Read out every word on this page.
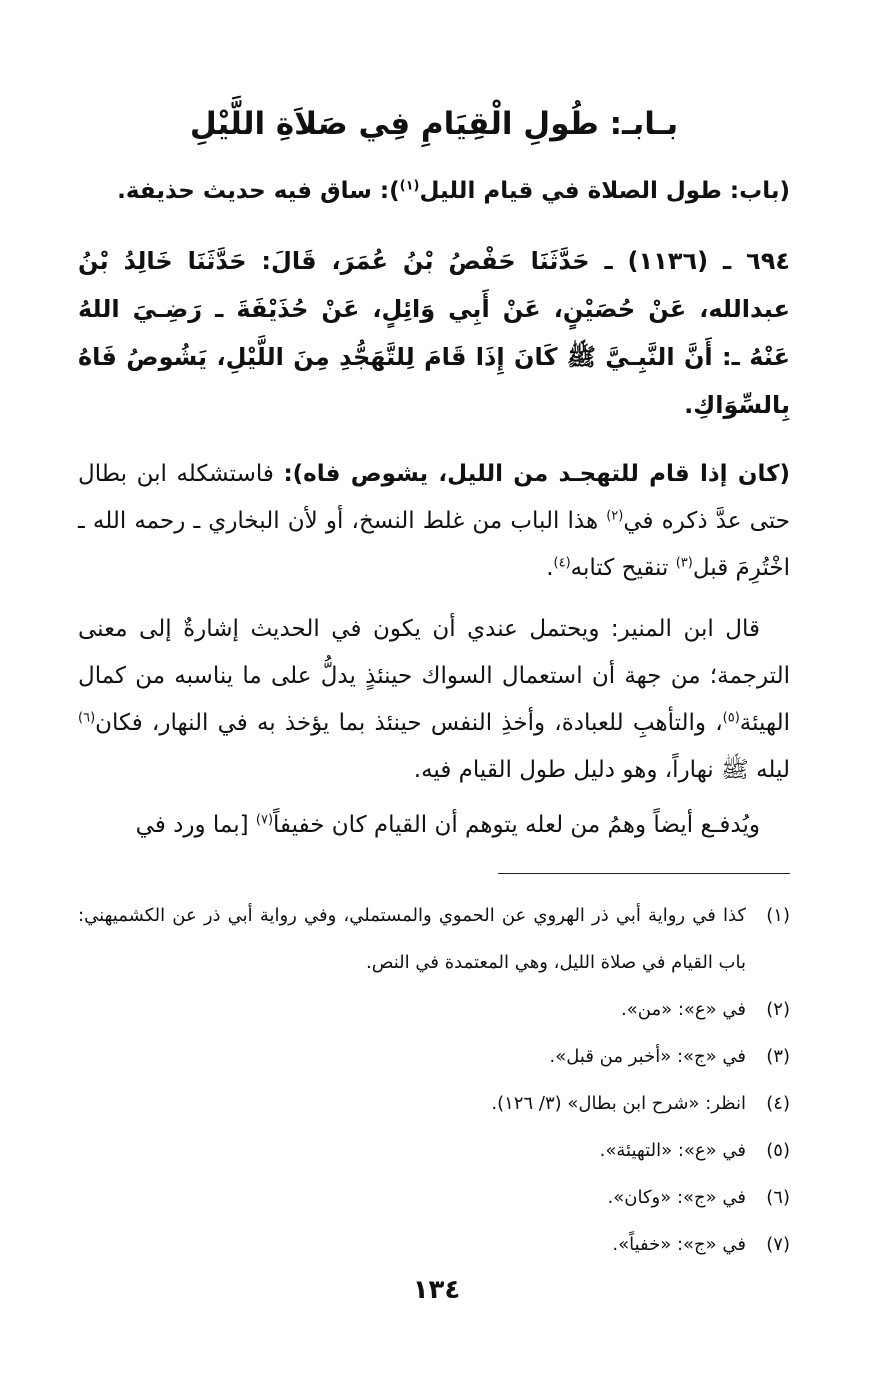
بـابـ: طُولِ الْقِيَامِ فِي صَلاَةِ اللَّيْلِ

(باب: طول الصلاة في قيام الليل$^{(١)}$): ساق فيه حديث حذيفة.

٦٩٤ ـ (١١٣٦) ـ حَدَّثَنَا حَفْصُ بْنُ عُمَرَ، قَالَ: حَدَّثَنَا خَالِدُ بْنُ عبدالله، عَنْ حُصَيْنٍ، عَنْ أَبِي وَائِلٍ، عَنْ حُذَيْفَةَ ـ رَضِـيَ اللهُ عَنْهُ ـ: أَنَّ النَّبِـيَّ ﷺ كَانَ إِذَا قَامَ لِلتَّهَجُّدِ مِنَ اللَّيْلِ، يَشُوصُ فَاهُ بِالسِّوَاكِ.

(كان إذا قام للتهجـد من الليل، يشوص فاه): فاستشكله ابن بطال حتى عدَّ ذكره في$^{(٢)}$ هذا الباب من غلط النسخ، أو لأن البخاري ـ رحمه الله ـ اخْتُرِمَ قبل$^{(٣)}$ تنقيح كتابه$^{(٤)}$.

قال ابن المنير: ويحتمل عندي أن يكون في الحديث إشارةٌ إلى معنى الترجمة؛ من جهة أن استعمال السواك حينئذٍ يدلُّ على ما يناسبه من كمال الهيئة$^{(٥)}$، والتأهبِ للعبادة، وأخذِ النفس حينئذ بما يؤخذ به في النهار، فكان$^{(٦)}$ ليله ﷺ نهاراً، وهو دليل طول القيام فيه.

ويُدفـع أيضاً وهمُ من لعله يتوهم أن القيام كان خفيفاً$^{(٧)}$ [بما ورد في

(١)
كذا في رواية أبي ذر الهروي عن الحموي والمستملي، وفي رواية أبي ذر عن الكشميهني: باب القيام في صلاة الليل، وهي المعتمدة في النص.
(٢)
في «ع»: «من».
(٣)
في «ج»: «أخبر من قبل».
(٤)
انظر: «شرح ابن بطال» (٣/ ١٢٦).
(٥)
في «ع»: «التهيئة».
(٦)
في «ج»: «وكان».
(٧)
في «ج»: «خفياً».
١٣٤
